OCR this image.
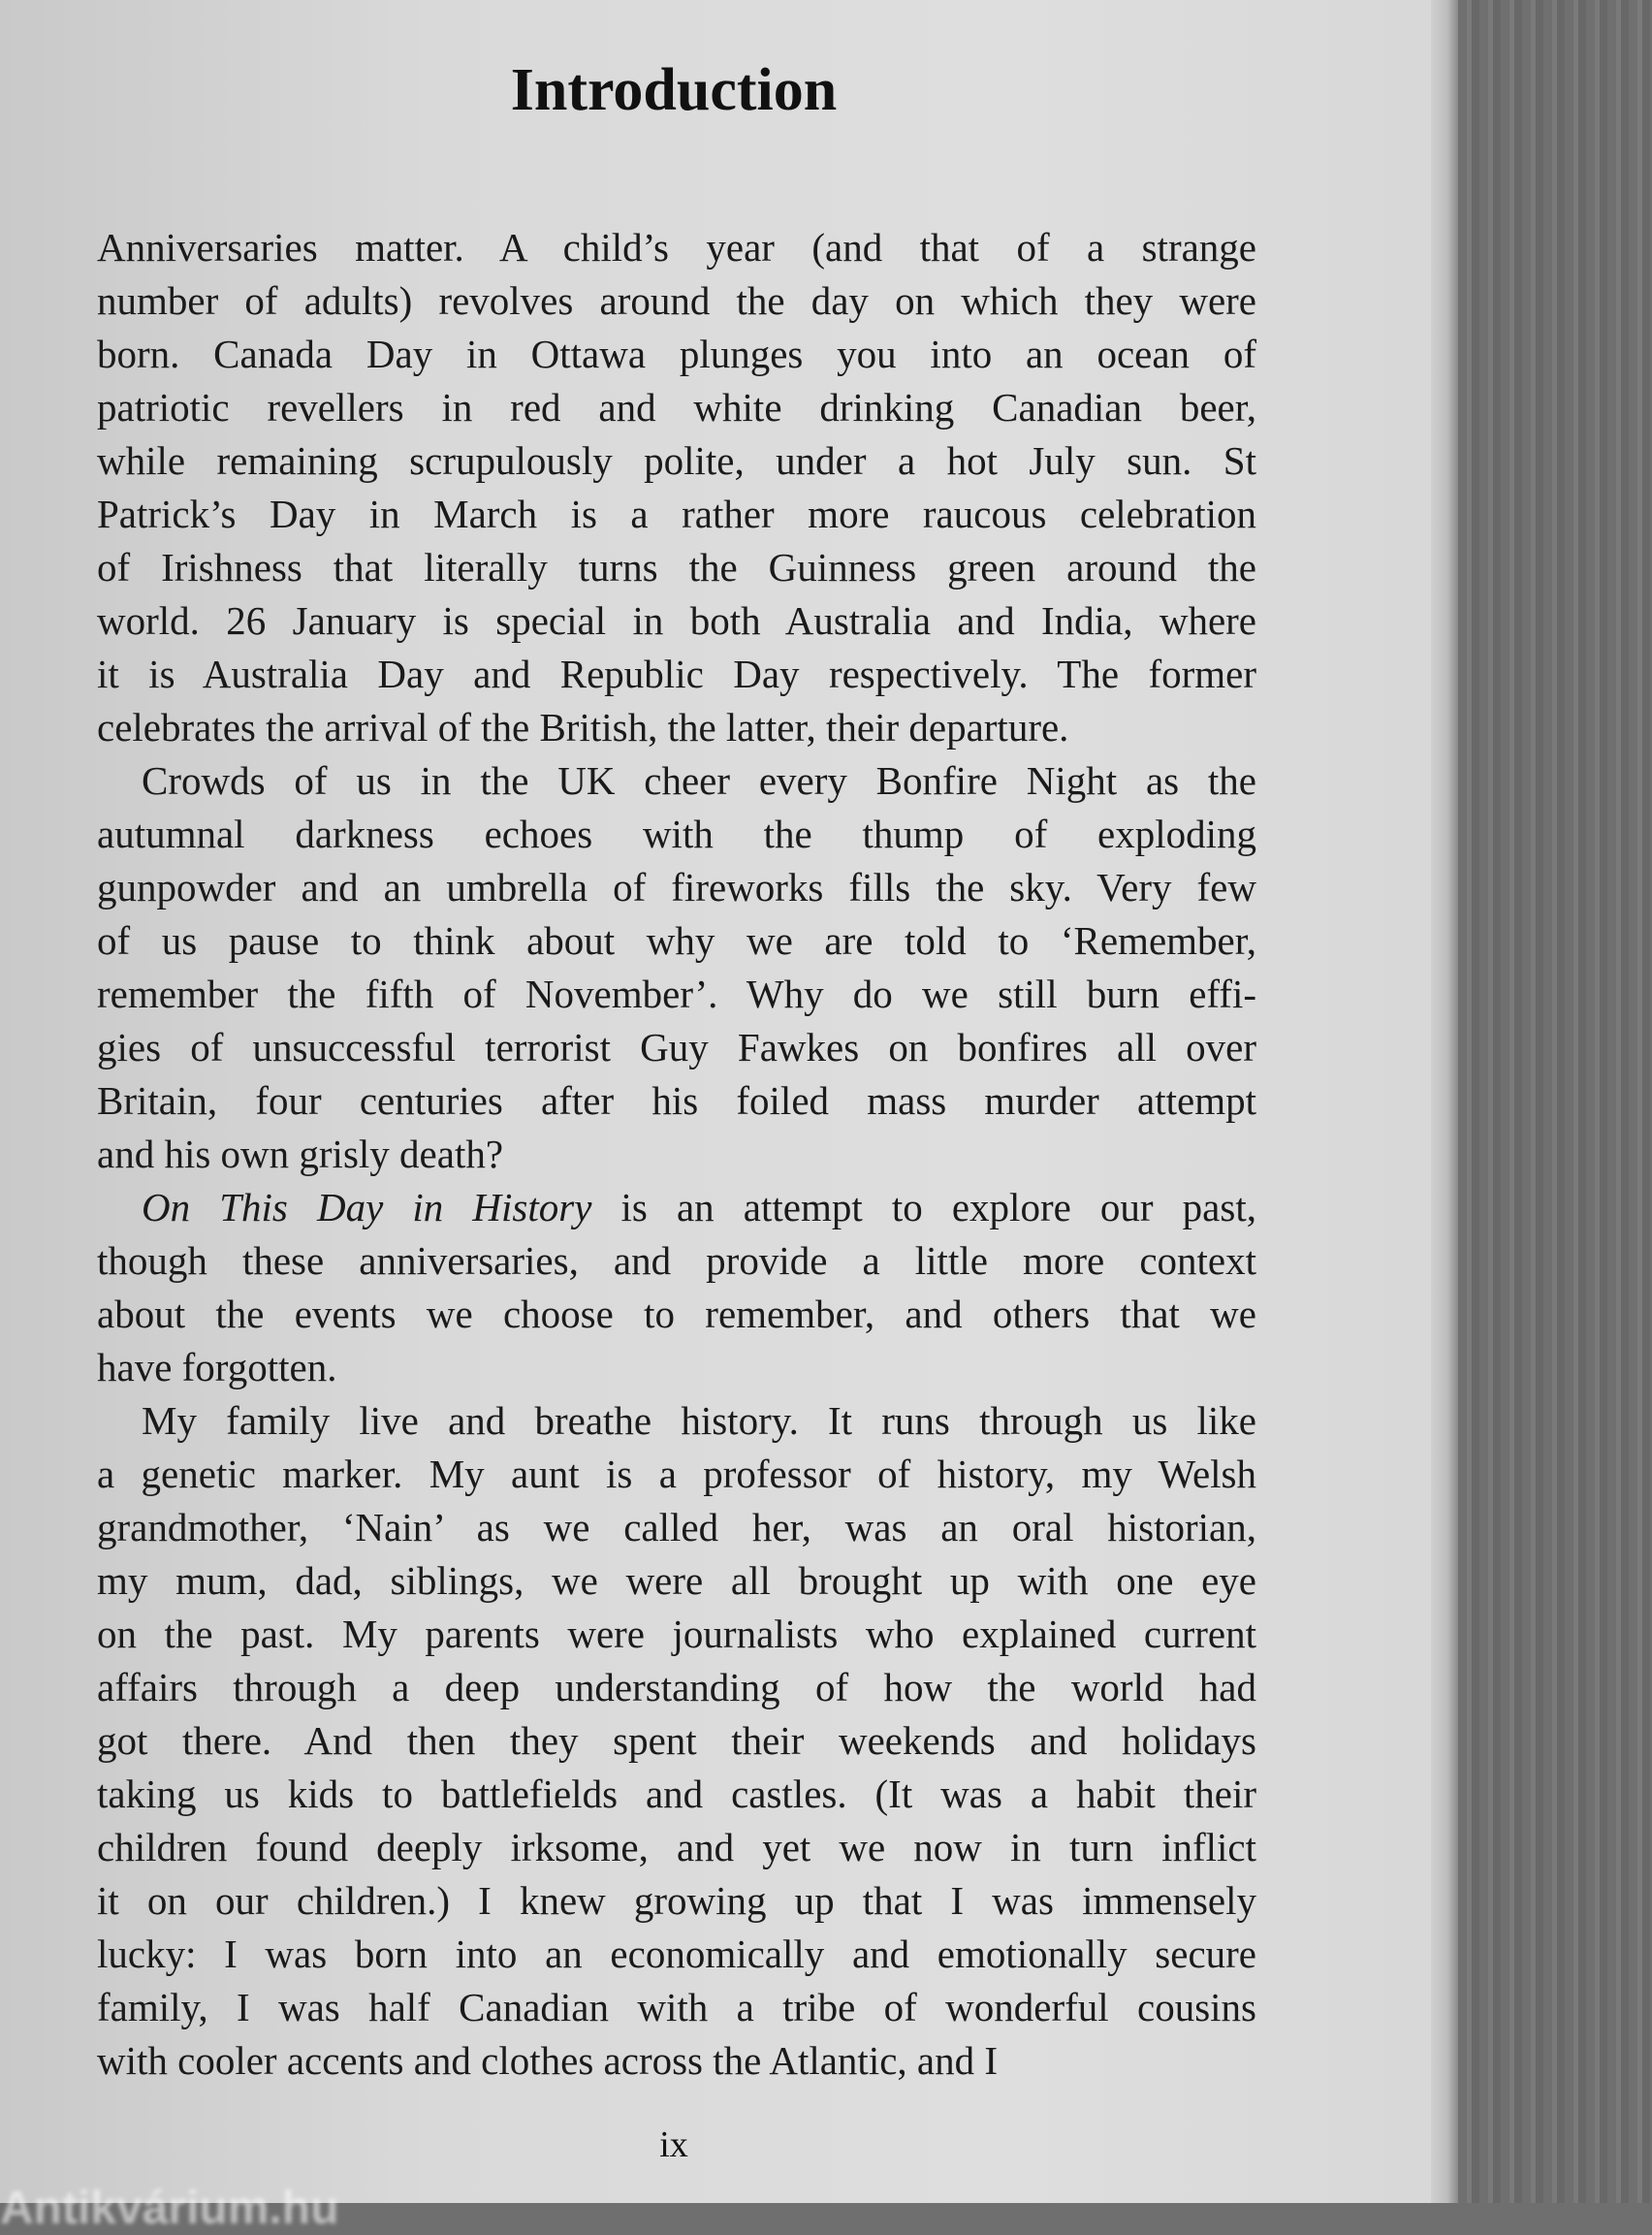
Introduction
Anniversaries matter. A child’s year (and that of a strange
number of adults) revolves around the day on which they were
born. Canada Day in Ottawa plunges you into an ocean of
patriotic revellers in red and white drinking Canadian beer,
while remaining scrupulously polite, under a hot July sun. St
Patrick’s Day in March is a rather more raucous celebration
of Irishness that literally turns the Guinness green around the
world. 26 January is special in both Australia and India, where
it is Australia Day and Republic Day respectively. The former
celebrates the arrival of the British, the latter, their departure.
Crowds of us in the UK cheer every Bonfire Night as the
autumnal darkness echoes with the thump of exploding
gunpowder and an umbrella of fireworks fills the sky. Very few
of us pause to think about why we are told to ‘Remember,
remember the fifth of November’. Why do we still burn effi-
gies of unsuccessful terrorist Guy Fawkes on bonfires all over
Britain, four centuries after his foiled mass murder attempt
and his own grisly death?
On This Day in History is an attempt to explore our past,
though these anniversaries, and provide a little more context
about the events we choose to remember, and others that we
have forgotten.
My family live and breathe history. It runs through us like
a genetic marker. My aunt is a professor of history, my Welsh
grandmother, ‘Nain’ as we called her, was an oral historian,
my mum, dad, siblings, we were all brought up with one eye
on the past. My parents were journalists who explained current
affairs through a deep understanding of how the world had
got there. And then they spent their weekends and holidays
taking us kids to battlefields and castles. (It was a habit their
children found deeply irksome, and yet we now in turn inflict
it on our children.) I knew growing up that I was immensely
lucky: I was born into an economically and emotionally secure
family, I was half Canadian with a tribe of wonderful cousins
with cooler accents and clothes across the Atlantic, and I
ix
Antikvárium.hu
